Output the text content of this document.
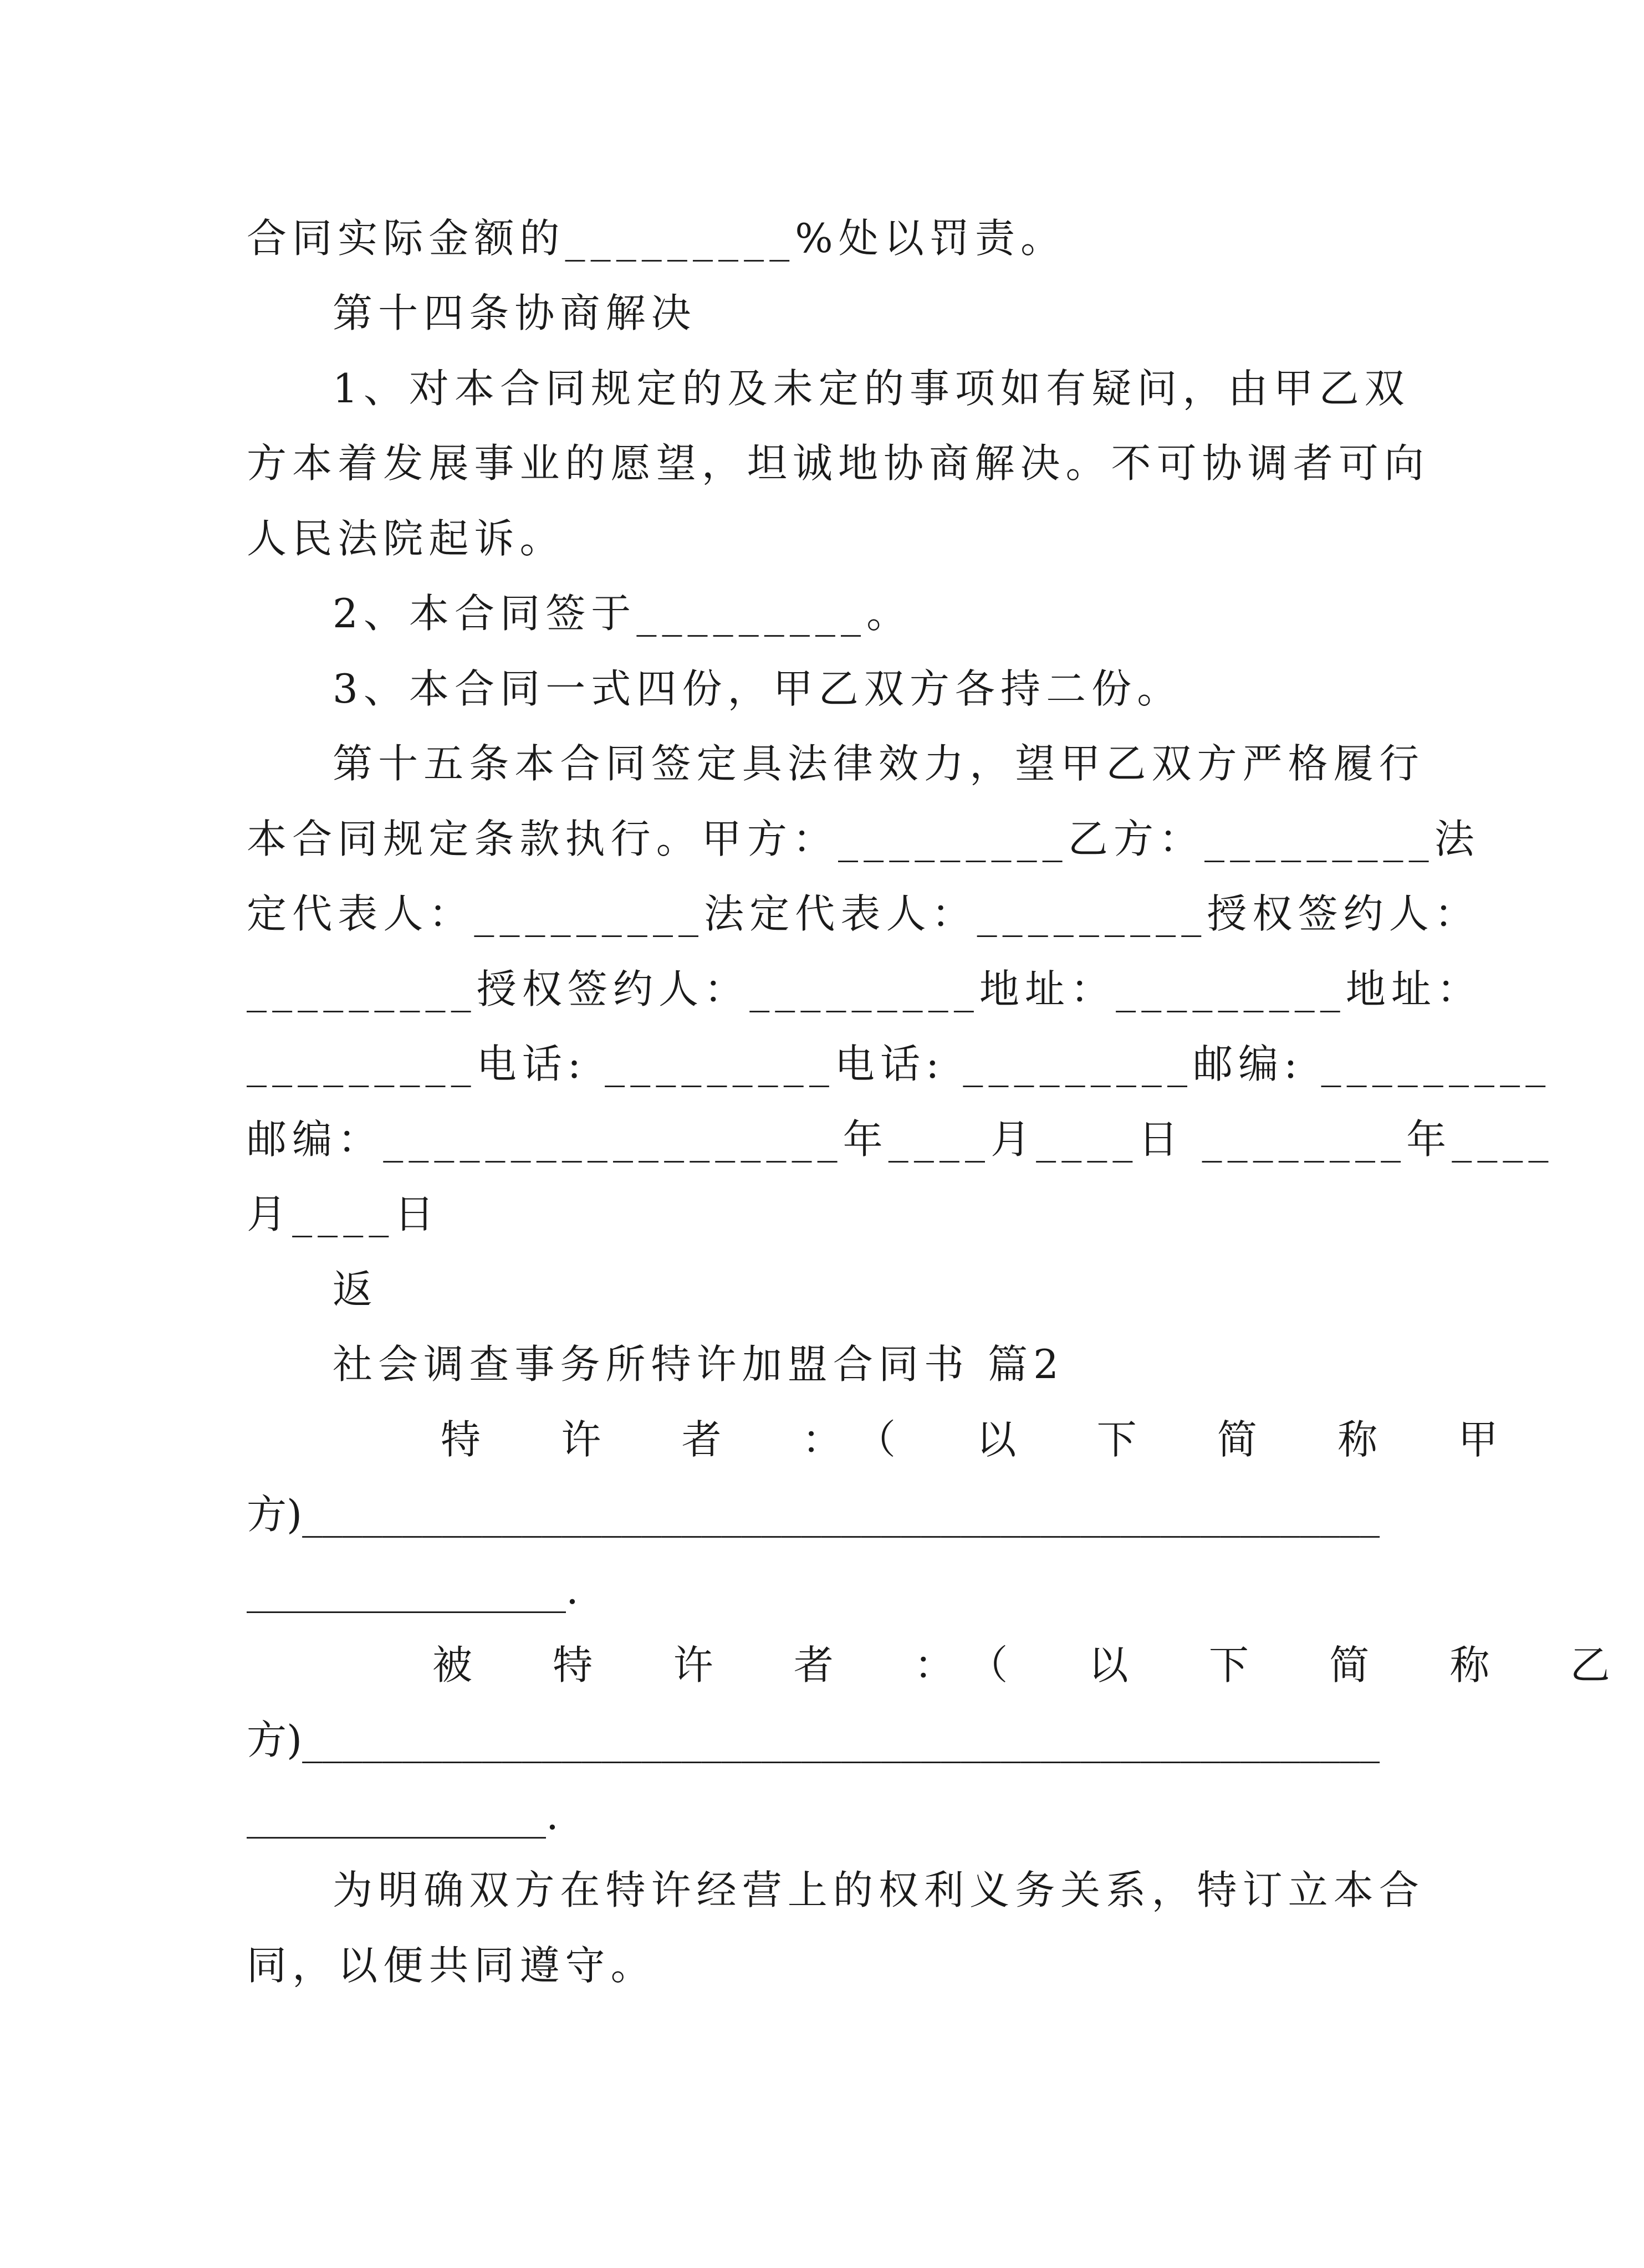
合同实际金额的_________%处以罚责。
第十四条协商解决
1、对本合同规定的及未定的事项如有疑问，由甲乙双
方本着发展事业的愿望，坦诚地协商解决。不可协调者可向
人民法院起诉。
2、本合同签于_________。
3、本合同一式四份，甲乙双方各持二份。
第十五条本合同签定具法律效力，望甲乙双方严格履行
本合同规定条款执行。甲方：_________乙方：_________法
定代表人：_________法定代表人：_________授权签约人：
_________授权签约人：_________地址：_________地址：
_________电话: _________电话: _________邮编: _________
邮编：__________________年____月____日 ________年____
月____日
返
社会调查事务所特许加盟合同书 篇2
特 许 者 ：（ 以 下 简 称 甲
方)______________________________________________________
________________.
被 特 许 者 ：（ 以 下 简 称 乙
方)______________________________________________________
_______________.
为明确双方在特许经营上的权利义务关系，特订立本合
同，以便共同遵守。
